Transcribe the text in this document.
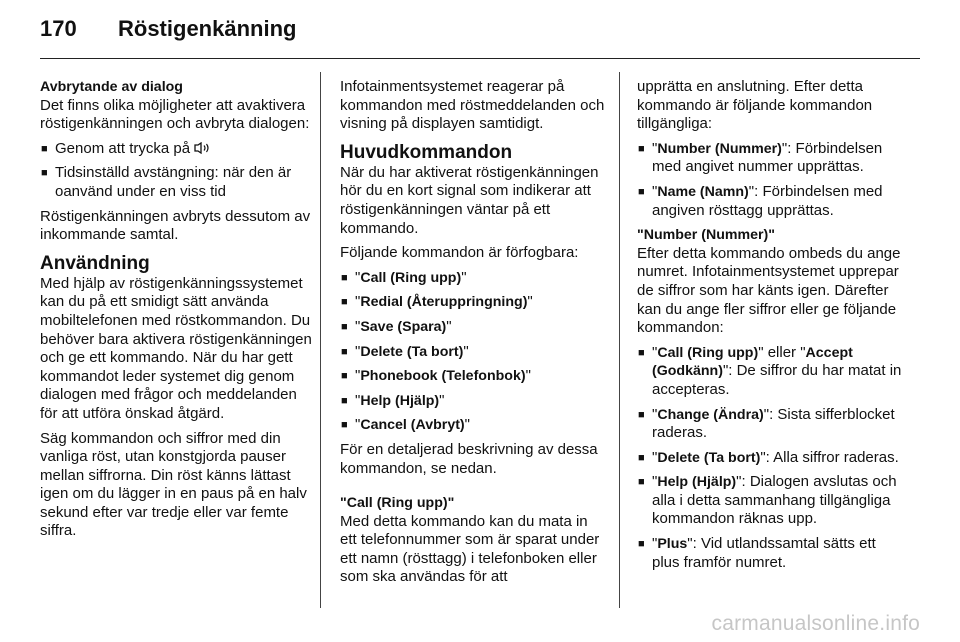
170	Röstigenkänning
Avbrytande av dialog
Det finns olika möjligheter att avaktivera röstigenkänningen och avbryta dialogen:
■ Genom att trycka på
■ Tidsinställd avstängning: när den är oanvänd under en viss tid
Röstigenkänningen avbryts dessutom av inkommande samtal.
Användning
Med hjälp av röstigenkänningssystemet kan du på ett smidigt sätt använda mobiltelefonen med röstkommandon. Du behöver bara aktivera röstigenkänningen och ge ett kommando. När du har gett kommandot leder systemet dig genom dialogen med frågor och meddelanden för att utföra önskad åtgärd.
Säg kommandon och siffror med din vanliga röst, utan konstgjorda pauser mellan siffrorna. Din röst känns lättast igen om du lägger in en paus på en halv sekund efter var tredje eller var femte siffra.
Infotainmentsystemet reagerar på kommandon med röstmeddelanden och visning på displayen samtidigt.
Huvudkommandon
När du har aktiverat röstigenkänningen hör du en kort signal som indikerar att röstigenkänningen väntar på ett kommando.
Följande kommandon är förfogbara:
■ "Call (Ring upp)"
■ "Redial (Återuppringning)"
■ "Save (Spara)"
■ "Delete (Ta bort)"
■ "Phonebook (Telefonbok)"
■ "Help (Hjälp)"
■ "Cancel (Avbryt)"
För en detaljerad beskrivning av dessa kommandon, se nedan.
"Call (Ring upp)"
Med detta kommando kan du mata in ett telefonnummer som är sparat under ett namn (rösttagg) i telefonboken eller som ska användas för att
upprätta en anslutning. Efter detta kommando är följande kommandon tillgängliga:
■ "Number (Nummer)": Förbindelsen med angivet nummer upprättas.
■ "Name (Namn)": Förbindelsen med angiven rösttagg upprättas.
"Number (Nummer)"
Efter detta kommando ombeds du ange numret. Infotainmentsystemet upprepar de siffror som har känts igen. Därefter kan du ange fler siffror eller ge följande kommandon:
■ "Call (Ring upp)" eller "Accept (Godkänn)": De siffror du har matat in accepteras.
■ "Change (Ändra)": Sista sifferblocket raderas.
■ "Delete (Ta bort)": Alla siffror raderas.
■ "Help (Hjälp)": Dialogen avslutas och alla i detta sammanhang tillgängliga kommandon räknas upp.
■ "Plus": Vid utlandssamtal sätts ett plus framför numret.
carmanualsonline.info
